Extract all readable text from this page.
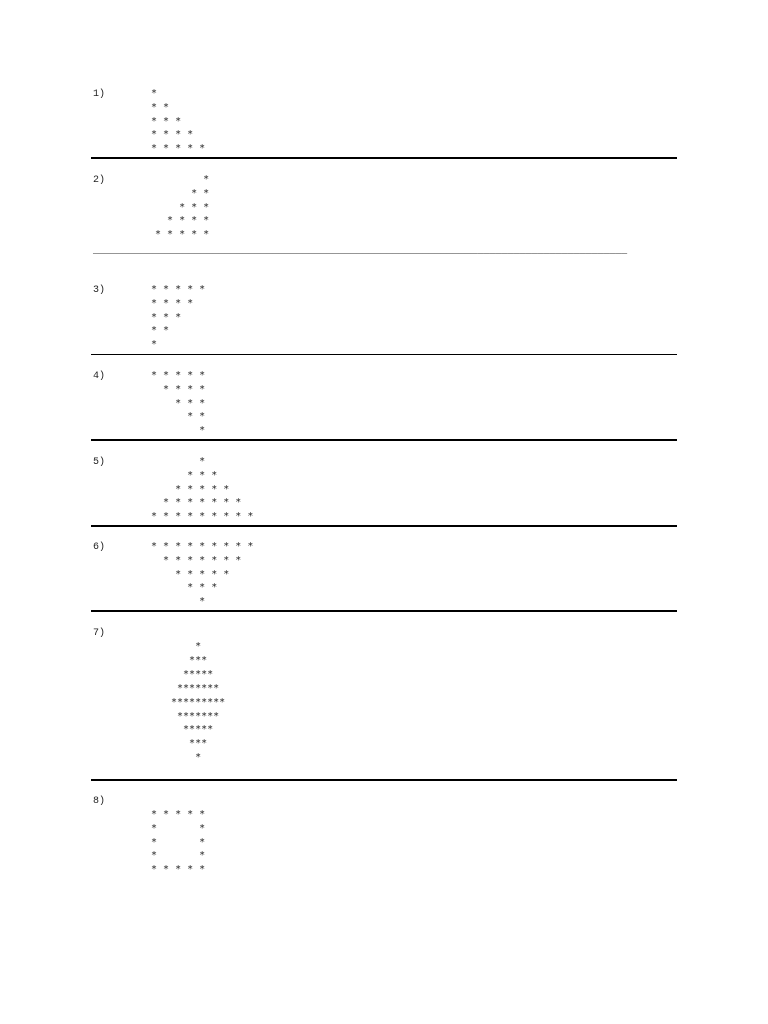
1)	*
* *
* * *
* * * *
* * * * *
2)	*
* *
* * *
* * * *
* * * * *
_________________________________________________________________________________________
3)	* * * * *
* * * *
* * *
* *
*
4)	* * * * *
* * * *
* * *
* *
*
5)	*
* * *
* * * * *
* * * * * * *
* * * * * * * * *
6)	* * * * * * * * *
* * * * * * *
* * * * *
* * *
*
7)
*
***
*****
*******
*********
*******
*****
***
*
8)
* * * * *
*       *
*       *
*       *
* * * * *
